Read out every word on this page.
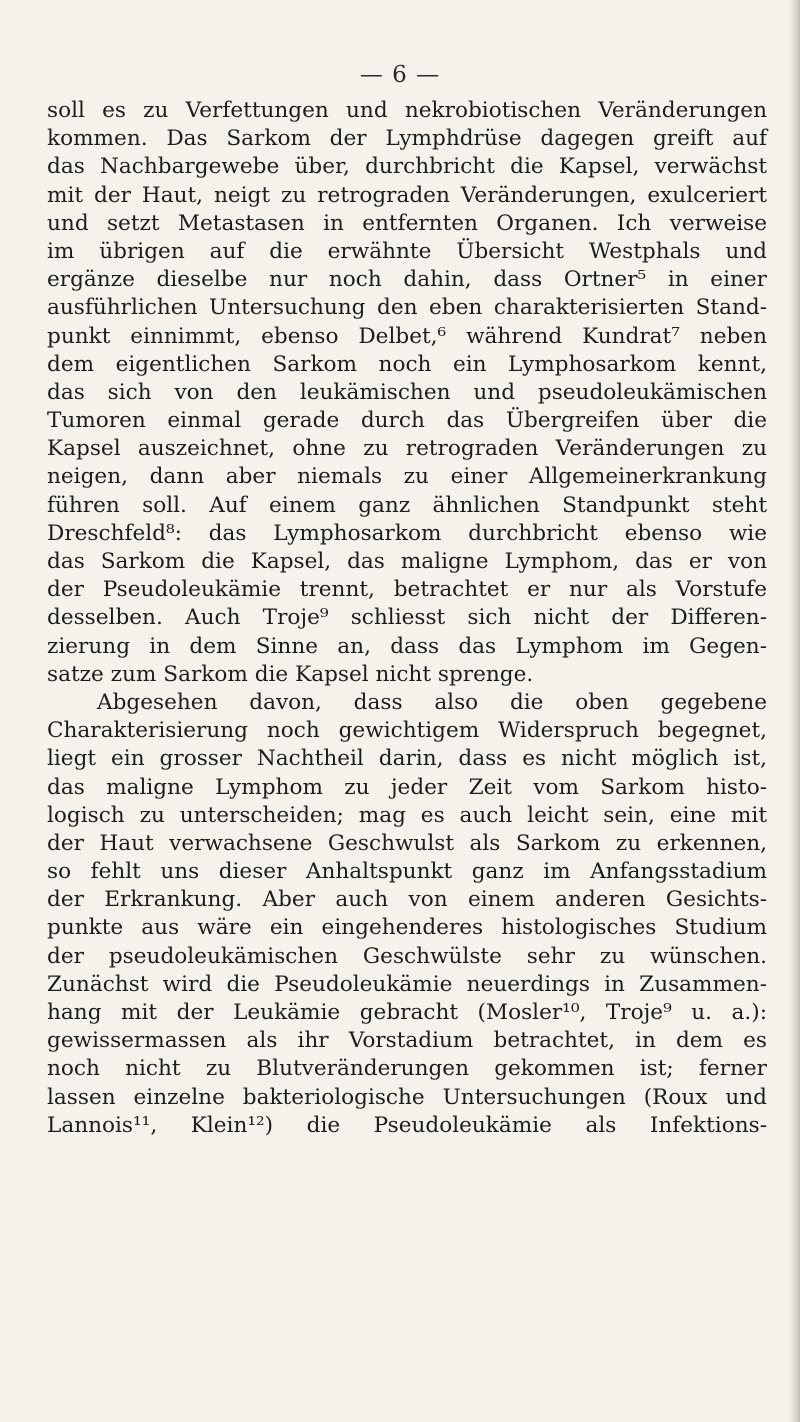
— 6 —
soll es zu Verfettungen und nekrobiotischen Veränderungen
kommen. Das Sarkom der Lymphdrüse dagegen greift auf
das Nachbargewebe über, durchbricht die Kapsel, verwächst
mit der Haut, neigt zu retrograden Veränderungen, exulceriert
und setzt Metastasen in entfernten Organen. Ich verweise
im übrigen auf die erwähnte Übersicht Westphals und
ergänze dieselbe nur noch dahin, dass Ortner⁵ in einer
ausführlichen Untersuchung den eben charakterisierten Stand-
punkt einnimmt, ebenso Delbet,⁶ während Kundrat⁷ neben
dem eigentlichen Sarkom noch ein Lymphosarkom kennt,
das sich von den leukämischen und pseudoleukämischen
Tumoren einmal gerade durch das Übergreifen über die
Kapsel auszeichnet, ohne zu retrograden Veränderungen zu
neigen, dann aber niemals zu einer Allgemeinerkrankung
führen soll. Auf einem ganz ähnlichen Standpunkt steht
Dreschfeld⁸: das Lymphosarkom durchbricht ebenso wie
das Sarkom die Kapsel, das maligne Lymphom, das er von
der Pseudoleukämie trennt, betrachtet er nur als Vorstufe
desselben. Auch Troje⁹ schliesst sich nicht der Differen-
zierung in dem Sinne an, dass das Lymphom im Gegen-
satze zum Sarkom die Kapsel nicht sprenge.
Abgesehen davon, dass also die oben gegebene
Charakterisierung noch gewichtigem Widerspruch begegnet,
liegt ein grosser Nachtheil darin, dass es nicht möglich ist,
das maligne Lymphom zu jeder Zeit vom Sarkom histo-
logisch zu unterscheiden; mag es auch leicht sein, eine mit
der Haut verwachsene Geschwulst als Sarkom zu erkennen,
so fehlt uns dieser Anhaltspunkt ganz im Anfangsstadium
der Erkrankung. Aber auch von einem anderen Gesichts-
punkte aus wäre ein eingehenderes histologisches Studium
der pseudoleukämischen Geschwülste sehr zu wünschen.
Zunächst wird die Pseudoleukämie neuerdings in Zusammen-
hang mit der Leukämie gebracht (Mosler¹⁰, Troje⁹ u. a.):
gewissermassen als ihr Vorstadium betrachtet, in dem es
noch nicht zu Blutveränderungen gekommen ist; ferner
lassen einzelne bakteriologische Untersuchungen (Roux und
Lannois¹¹, Klein¹²) die Pseudoleukämie als Infektions-
